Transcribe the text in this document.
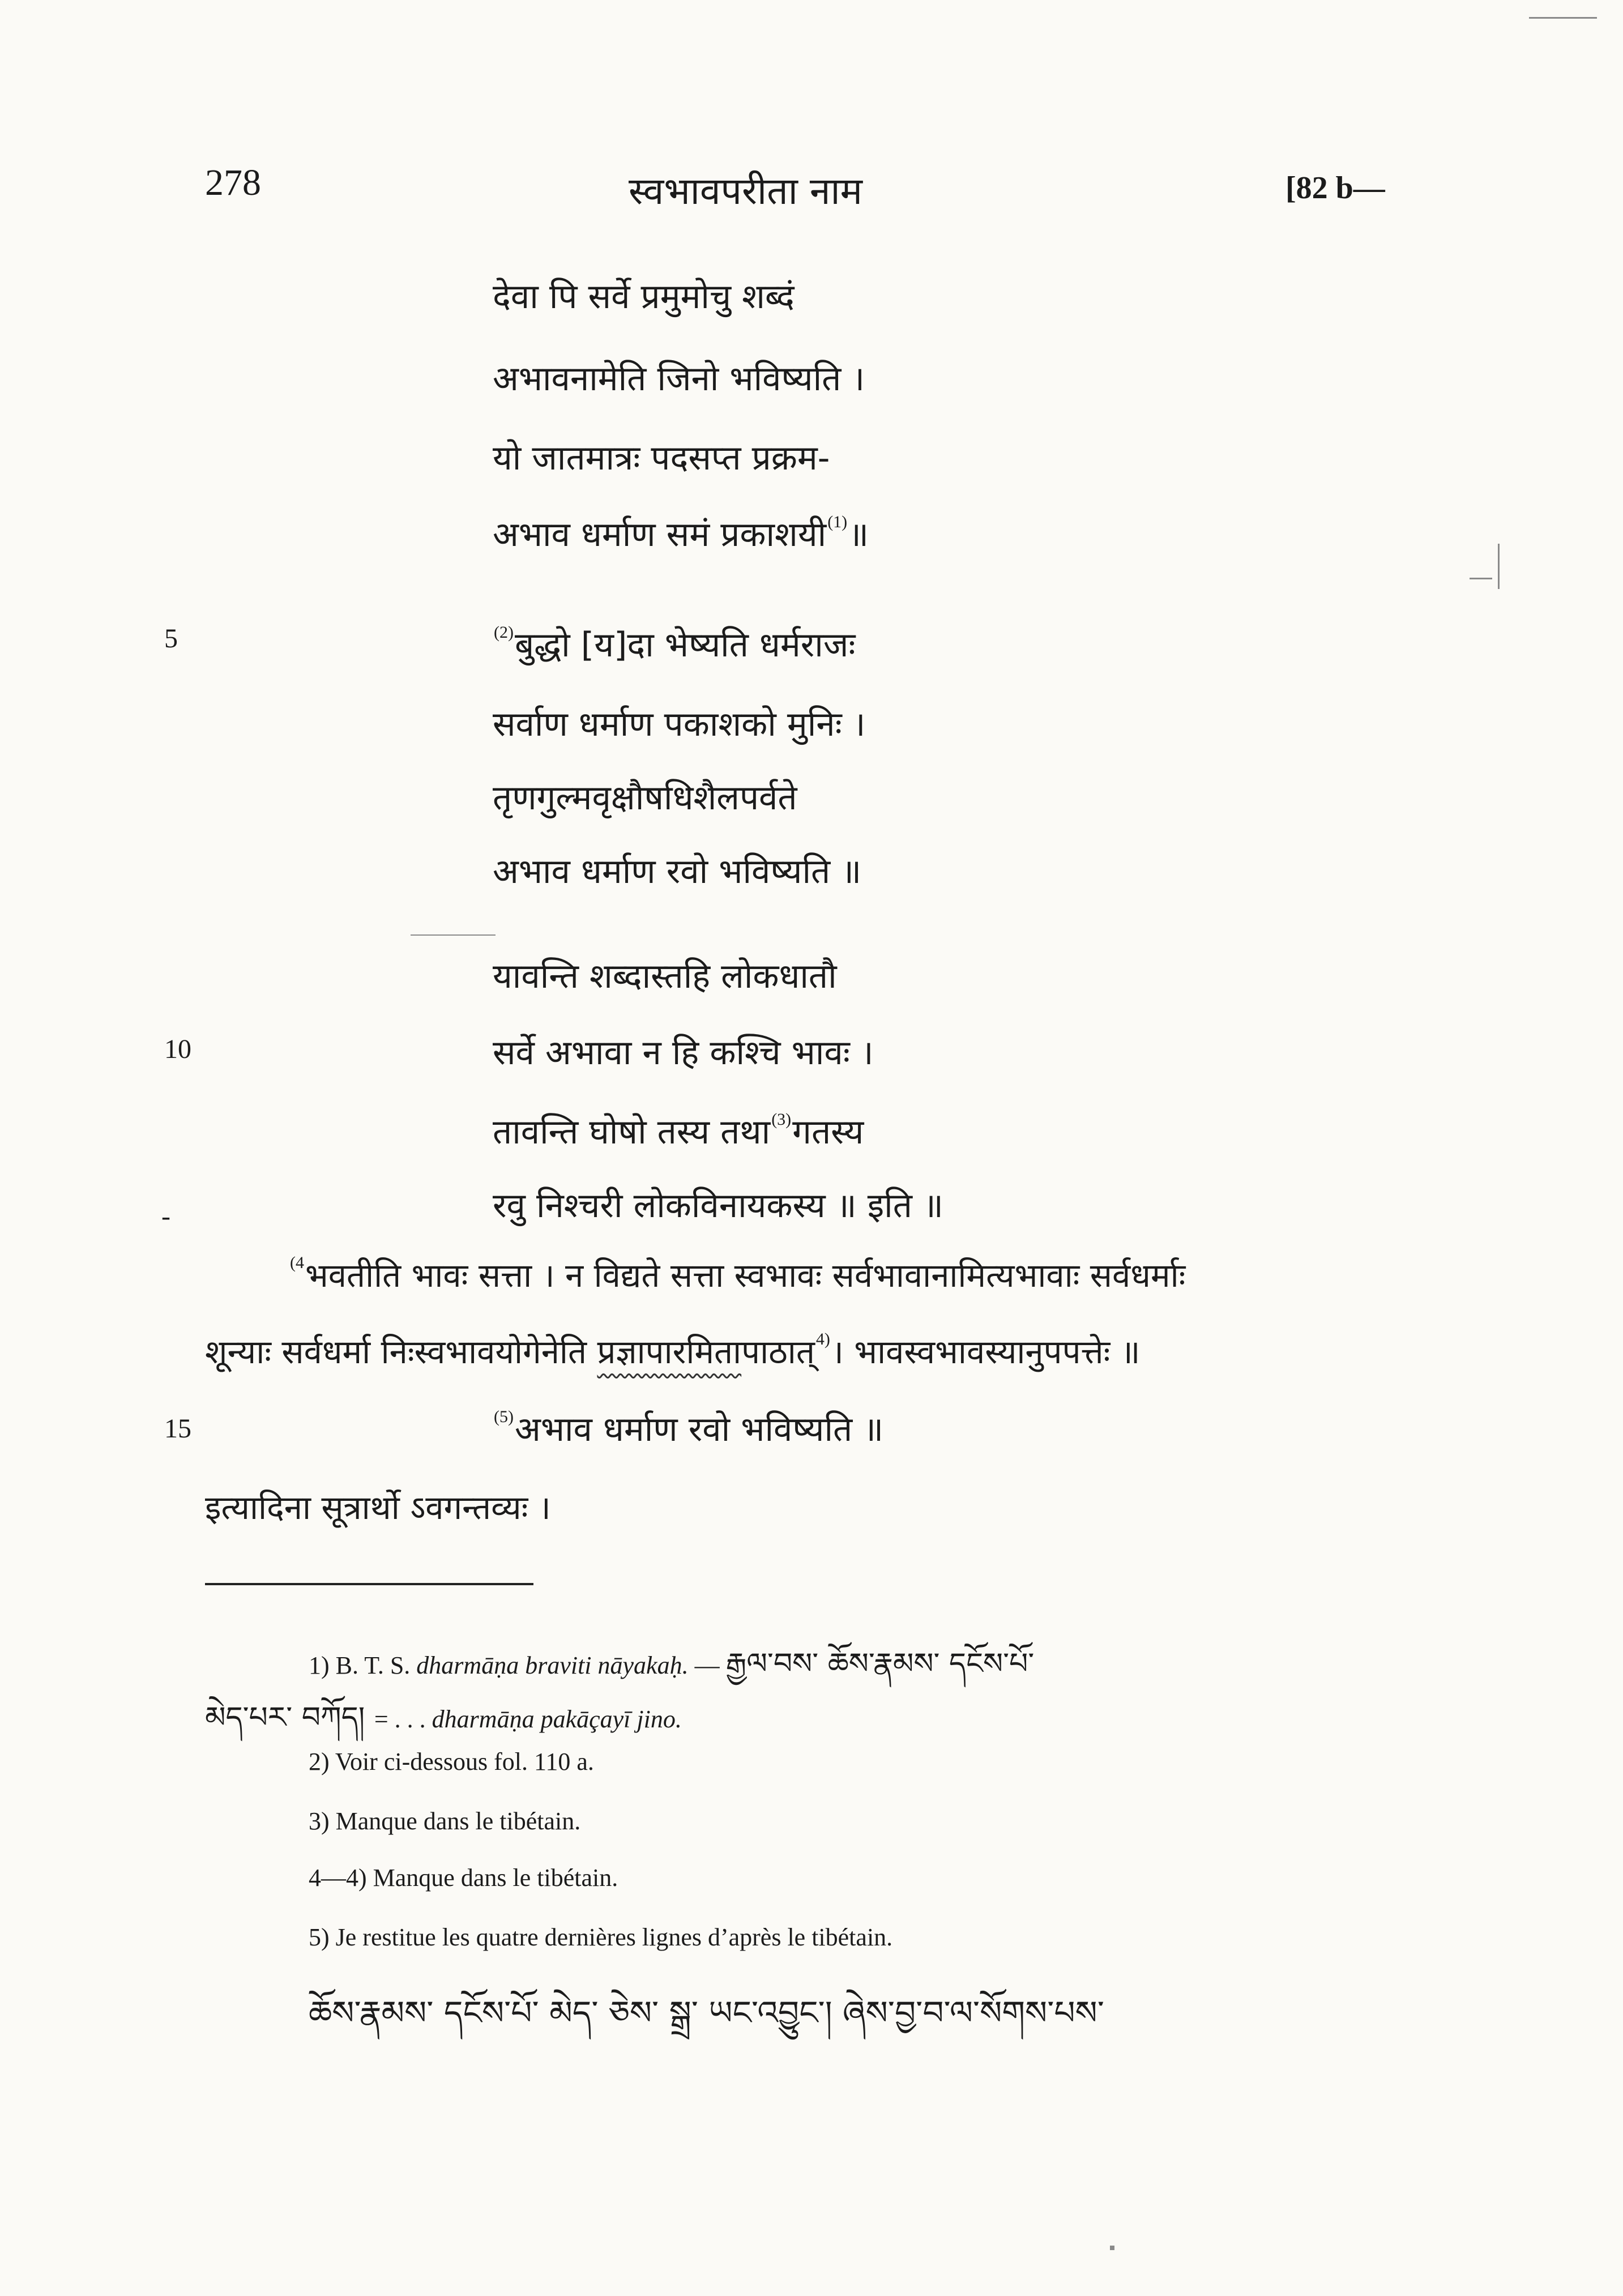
278	स्वभावपरीता नाम	[82 b—
देवा पि सर्वे प्रमुमोचु शब्दं
अभावनामेति जिनो भविष्यति ।
यो जातमात्रः पदसप्त प्रक्रम-
अभाव धर्माण समं प्रकाशयी$^{(1)}$॥
5	$^{(2)}$बुद्धो [य]दा भेष्यति धर्मराजः
सर्वाण धर्माण पकाशको मुनिः ।
तृणगुल्मवृक्षौषधिशैलपर्वते
अभाव धर्माण रवो भविष्यति ॥
यावन्ति शब्दास्तहि लोकधातौ
10	सर्वे अभावा न हि कश्चि भावः ।
तावन्ति घोषो तस्य तथा$^{(3)}$गतस्य
-	रवु निश्चरी लोकविनायकस्य ॥ इति ॥
$^{(4}$भवतीति भावः सत्ता । न विद्यते सत्ता स्वभावः सर्वभावानामित्यभावाः सर्वधर्माः
शून्याः सर्वधर्मा निःस्वभावयोगेनेति प्रज्ञापारमितापाठात्$^{4)}$। भावस्वभावस्यानुपपत्तेः ॥
15	$^{(5)}$अभाव धर्माण रवो भविष्यति ॥
इत्यादिना सूत्रार्थो ऽवगन्तव्यः ।
1) B. T. S. dharmāṇa braviti nāyakaḥ. — རྒྱལ་བས་ ཆོས་རྣམས་ དངོས་པོ་
མེད་པར་ བཀོད། = . . . dharmāṇa pakāçayī jino.
2) Voir ci-dessous fol. 110 a.
3) Manque dans le tibétain.
4—4) Manque dans le tibétain.
5) Je restitue les quatre dernières lignes d’après le tibétain.
ཆོས་རྣམས་ དངོས་པོ་ མེད་ ཅེས་ སྒྲ་ ཡང་འབྱུང་། ཞེས་བྱ་བ་ལ་སོགས་པས་
